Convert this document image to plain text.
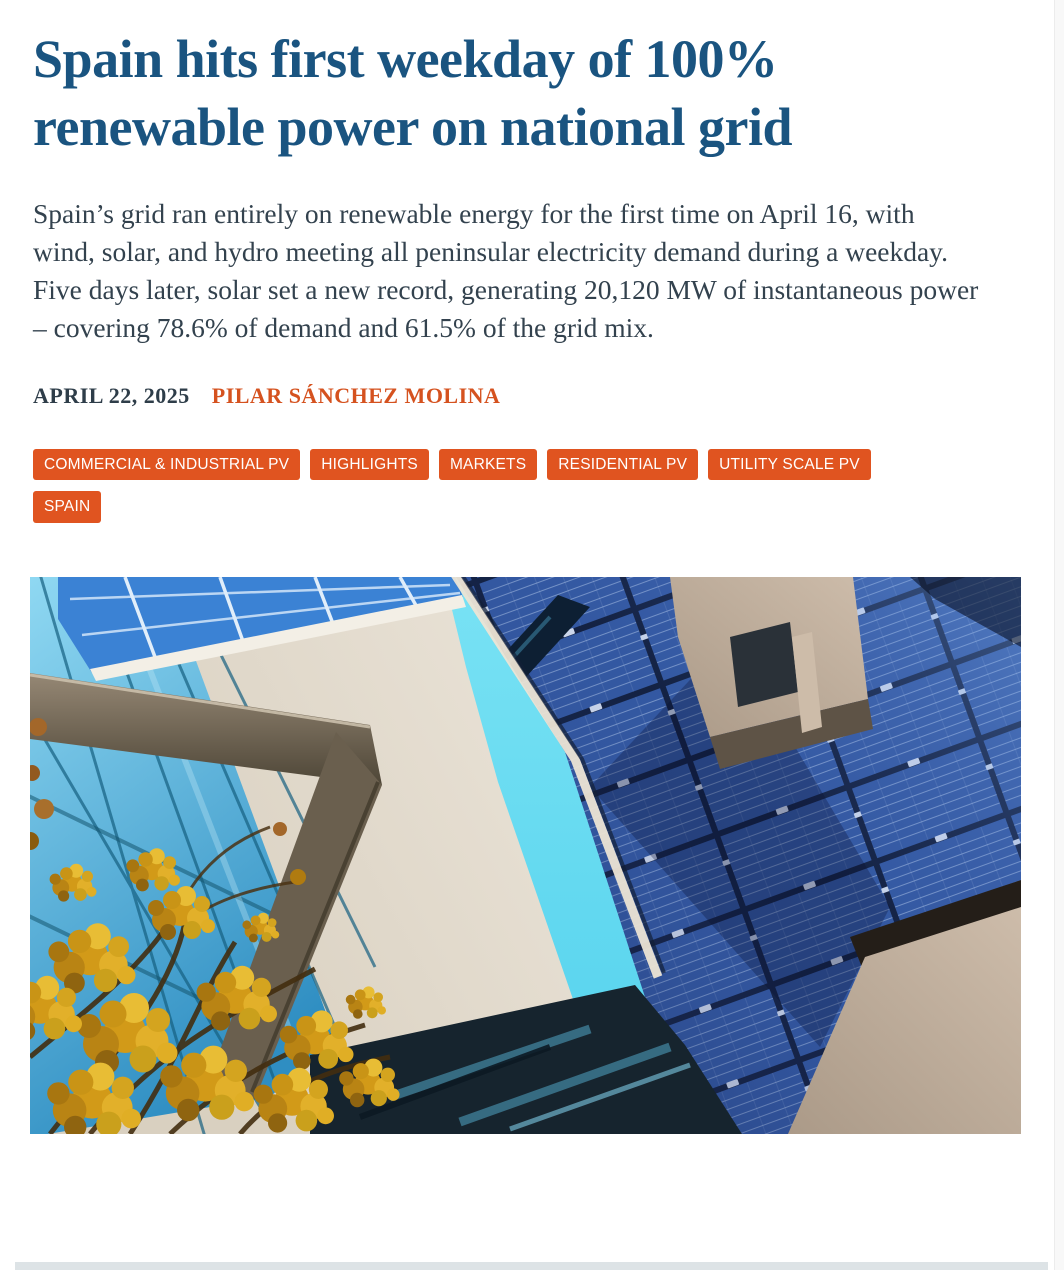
Spain hits first weekday of 100% renewable power on national grid

Spain’s grid ran entirely on renewable energy for the first time on April 16, with wind, solar, and hydro meeting all peninsular electricity demand during a weekday. Five days later, solar set a new record, generating 20,120 MW of instantaneous power – covering 78.6% of demand and 61.5% of the grid mix.

APRIL 22, 2025 PILAR SÁNCHEZ MOLINA
COMMERCIAL & INDUSTRIAL PV	HIGHLIGHTS	MARKETS	RESIDENTIAL PV	UTILITY SCALE PV
SPAIN
